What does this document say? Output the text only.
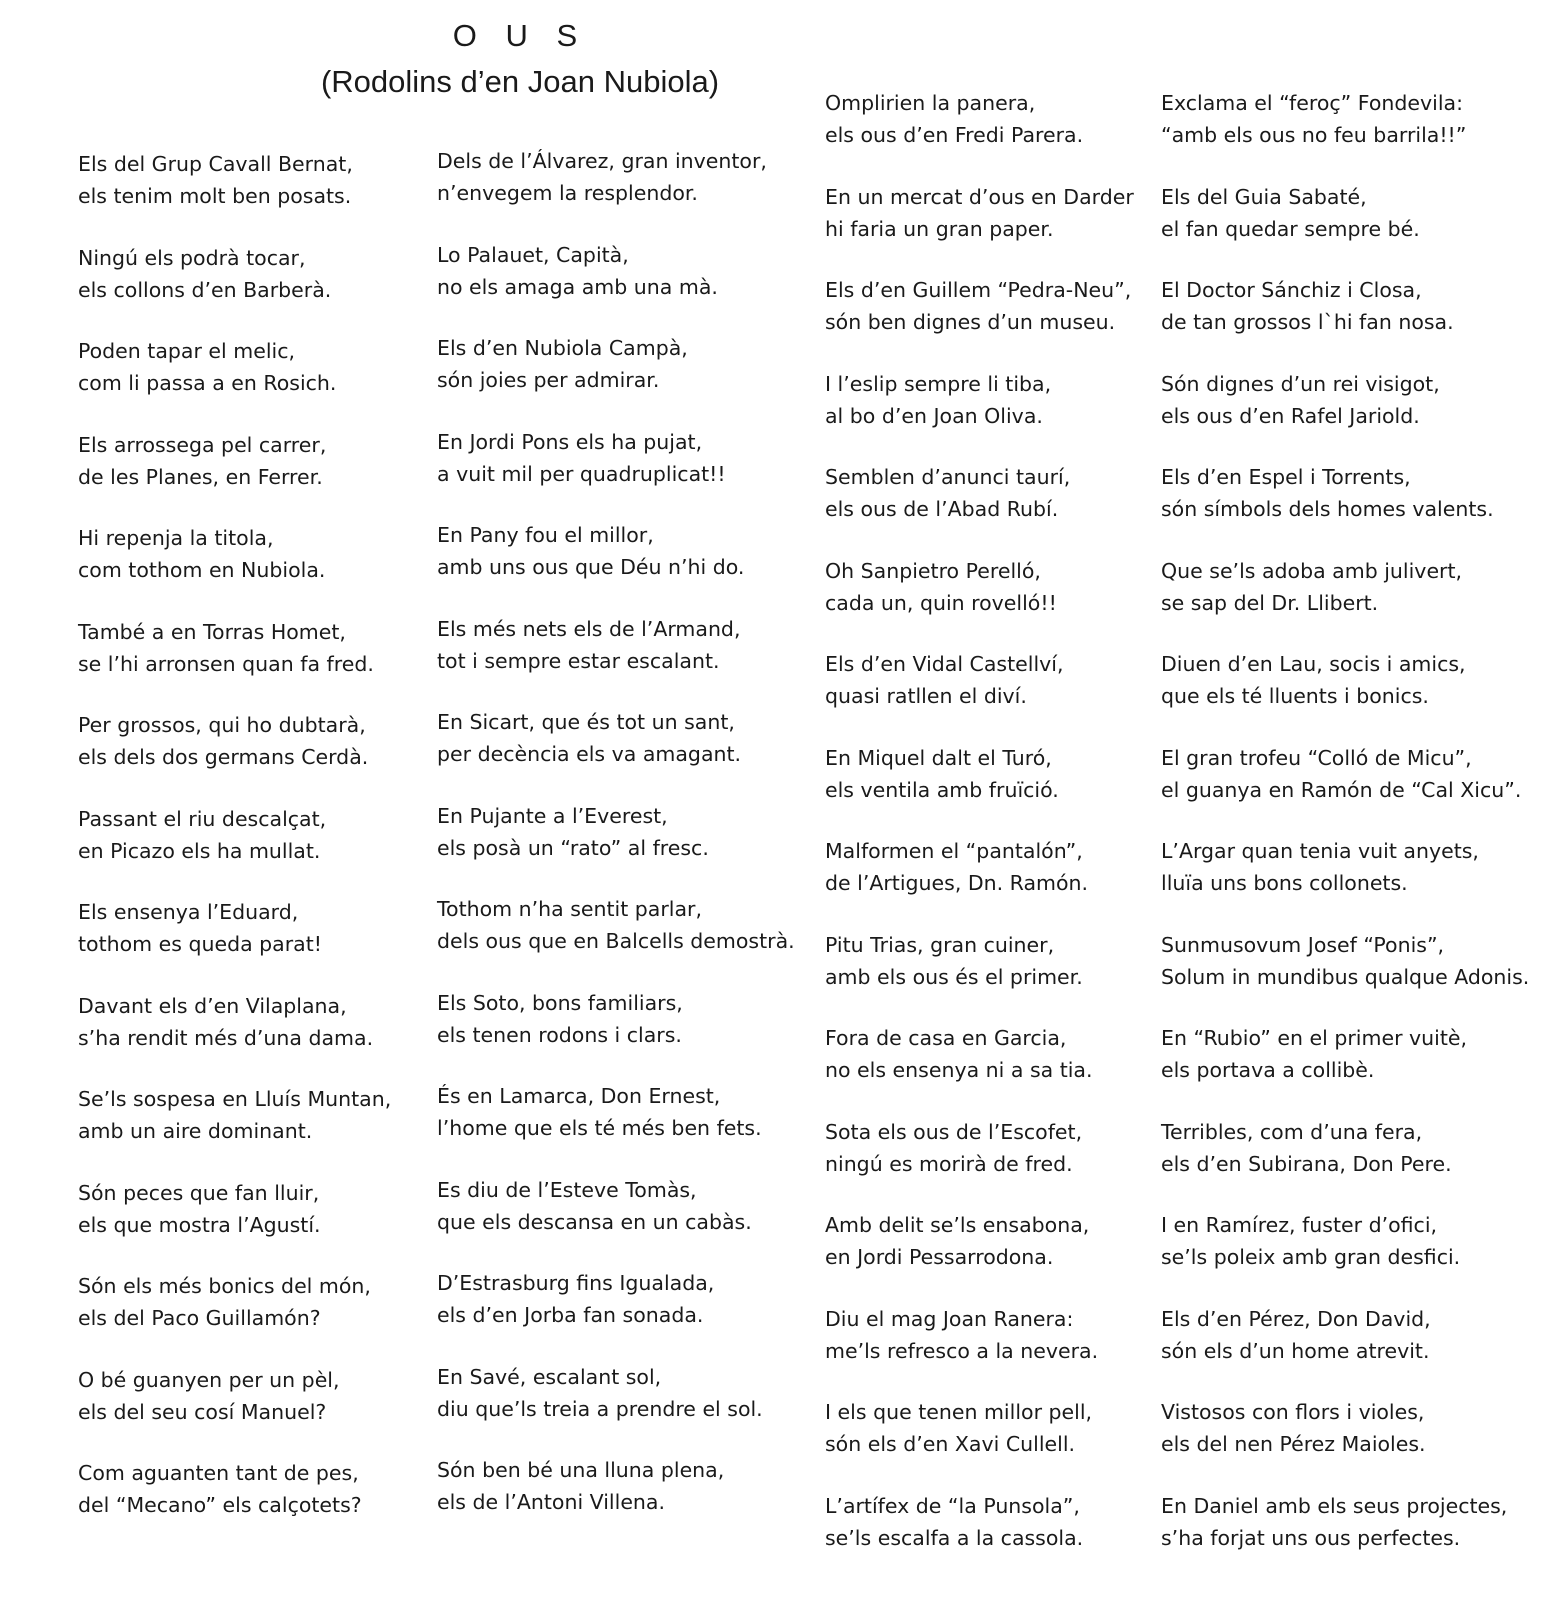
O U S
(Rodolins d’en Joan Nubiola)

Els del Grup Cavall Bernat,
els tenim molt ben posats.

Ningú els podrà tocar,
els collons d’en Barberà.

Poden tapar el melic,
com li passa a en Rosich.

Els arrossega pel carrer,
de les Planes, en Ferrer.

Hi repenja la titola,
com tothom en Nubiola.

També a en Torras Homet,
se l’hi arronsen quan fa fred.

Per grossos, qui ho dubtarà,
els dels dos germans Cerdà.

Passant el riu descalçat,
en Picazo els ha mullat.

Els ensenya l’Eduard,
tothom es queda parat!

Davant els d’en Vilaplana,
s’ha rendit més d’una dama.

Se’ls sospesa en Lluís Muntan,
amb un aire dominant.

Són peces que fan lluir,
els que mostra l’Agustí.

Són els més bonics del món,
els del Paco Guillamón?

O bé guanyen per un pèl,
els del seu cosí Manuel?

Com aguanten tant de pes,
del “Mecano” els calçotets?

Dels de l’Álvarez, gran inventor,
n’envegem la resplendor.

Lo Palauet, Capità,
no els amaga amb una mà.

Els d’en Nubiola Campà,
són joies per admirar.

En Jordi Pons els ha pujat,
a vuit mil per quadruplicat!!

En Pany fou el millor,
amb uns ous que Déu n’hi do.

Els més nets els de l’Armand,
tot i sempre estar escalant.

En Sicart, que és tot un sant,
per decència els va amagant.

En Pujante a l’Everest,
els posà un “rato” al fresc.

Tothom n’ha sentit parlar,
dels ous que en Balcells demostrà.

Els Soto, bons familiars,
els tenen rodons i clars.

És en Lamarca, Don Ernest,
l’home que els té més ben fets.

Es diu de l’Esteve Tomàs,
que els descansa en un cabàs.

D’Estrasburg fins Igualada,
els d’en Jorba fan sonada.

En Savé, escalant sol,
diu que’ls treia a prendre el sol.

Són ben bé una lluna plena,
els de l’Antoni Villena.

Omplirien la panera,
els ous d’en Fredi Parera.

En un mercat d’ous en Darder
hi faria un gran paper.

Els d’en Guillem “Pedra-Neu”,
són ben dignes d’un museu.

I l’eslip sempre li tiba,
al bo d’en Joan Oliva.

Semblen d’anunci taurí,
els ous de l’Abad Rubí.

Oh Sanpietro Perelló,
cada un, quin rovelló!!

Els d’en Vidal Castellví,
quasi ratllen el diví.

En Miquel dalt el Turó,
els ventila amb fruïció.

Malformen el “pantalón”,
de l’Artigues, Dn. Ramón.

Pitu Trias, gran cuiner,
amb els ous és el primer.

Fora de casa en Garcia,
no els ensenya ni a sa tia.

Sota els ous de l’Escofet,
ningú es morirà de fred.

Amb delit se’ls ensabona,
en Jordi Pessarrodona.

Diu el mag Joan Ranera:
me’ls refresco a la nevera.

I els que tenen millor pell,
són els d’en Xavi Cullell.

L’artífex de “la Punsola”,
se’ls escalfa a la cassola.

Exclama el “feroç” Fondevila:
“amb els ous no feu barrila!!”

Els del Guia Sabaté,
el fan quedar sempre bé.

El Doctor Sánchiz i Closa,
de tan grossos l`hi fan nosa.

Són dignes d’un rei visigot,
els ous d’en Rafel Jariold.

Els d’en Espel i Torrents,
són símbols dels homes valents.

Que se’ls adoba amb julivert,
se sap del Dr. Llibert.

Diuen d’en Lau, socis i amics,
que els té lluents i bonics.

El gran trofeu “Colló de Micu”,
el guanya en Ramón de “Cal Xicu”.

L’Argar quan tenia vuit anyets,
lluïa uns bons collonets.

Sunmusovum Josef “Ponis”,
Solum in mundibus qualque Adonis.

En “Rubio” en el primer vuitè,
els portava a collibè.

Terribles, com d’una fera,
els d’en Subirana, Don Pere.

I en Ramírez, fuster d’ofici,
se’ls poleix amb gran desfici.

Els d’en Pérez, Don David,
són els d’un home atrevit.

Vistosos con flors i violes,
els del nen Pérez Maioles.

En Daniel amb els seus projectes,
s’ha forjat uns ous perfectes.
